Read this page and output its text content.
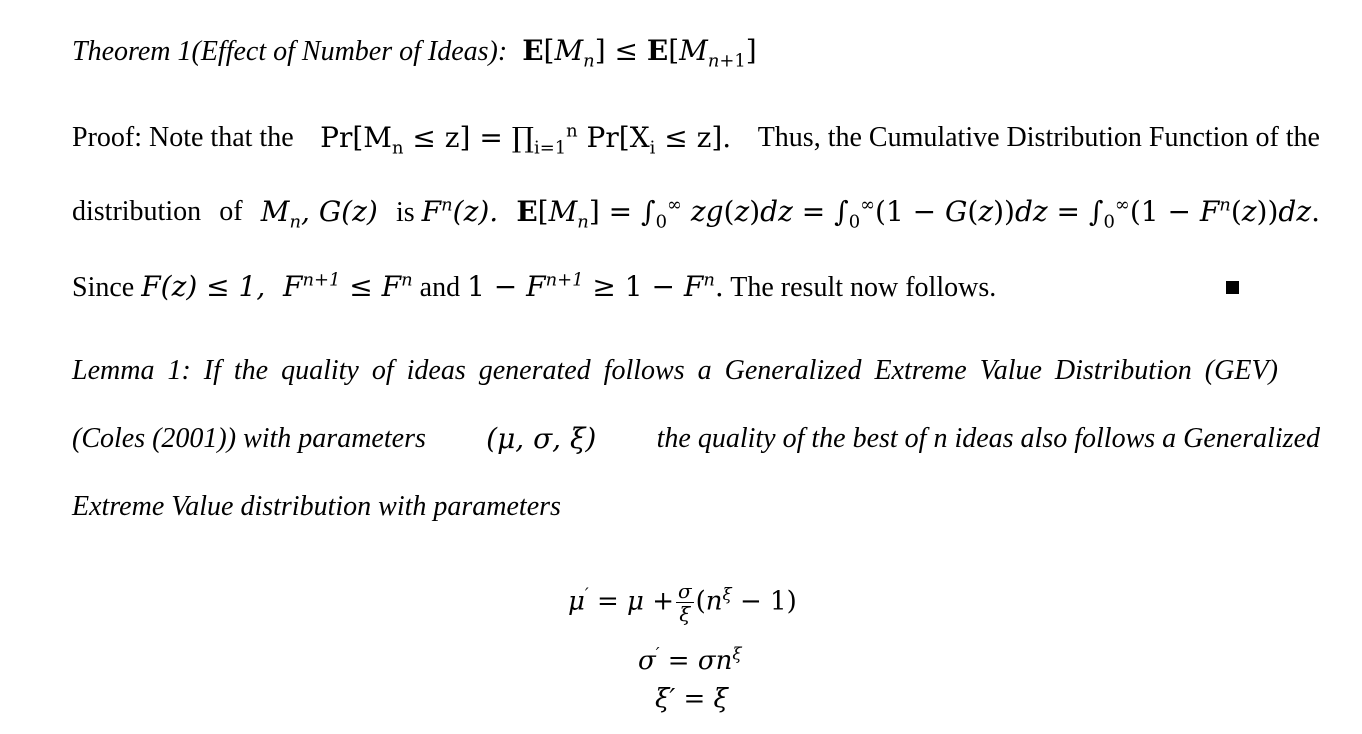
Theorem 1(Effect of Number of Ideas): $E[M_n] \le E[M_{n+1}]$
Proof: Note that the $Pr[M_n \le z]$ = $\prod_{i=1}^n$ $Pr[X_i \le z]$. Thus, the Cumulative Distribution Function of the
distribution of $M_n$, G(z) is $F^n(z)$. $E[M_n] = \int_0^\infty$ $zg(z)dz = \int_0^\infty(1 - G(z))dz = \int_0^\infty(1 - F^n(z))dz$.
Since F(z) ≤ 1,  $F^{n+1} \le F^n$ and $1 - F^{n+1} \ge 1 - F^n$. The result now follows.
Lemma 1: If the quality of ideas generated follows a Generalized Extreme Value Distribution (GEV)
(Coles (2001)) with parameters (μ, σ, ξ) the quality of the best of n ideas also follows a Generalized
Extreme Value distribution with parameters
$\mu' = \mu + \frac{\sigma}{\xi} (n^\xi - 1)$
$\sigma' = \sigma n^\xi$
ξ′ = ξ
